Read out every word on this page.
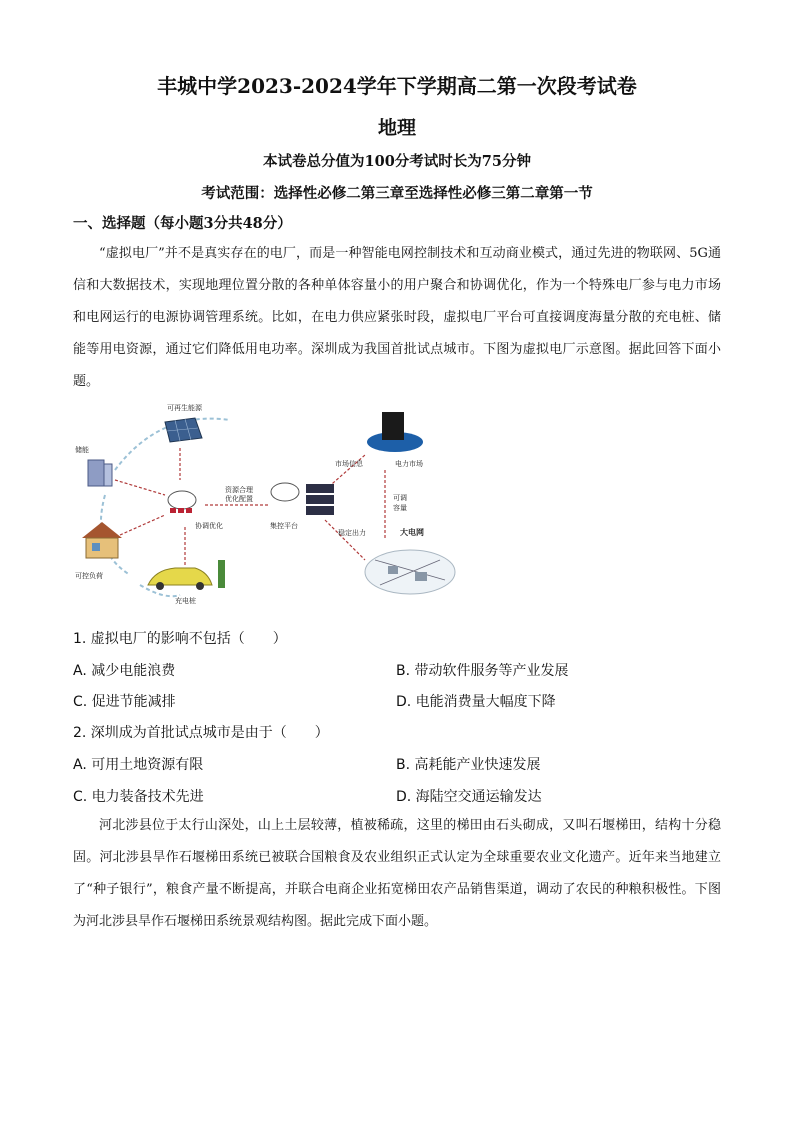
丰城中学2023-2024学年下学期高二第一次段考试卷
地理
本试卷总分值为100分考试时长为75分钟
考试范围：选择性必修二第三章至选择性必修三第二章第一节
一、选择题（每小题3分共48分）

“虚拟电厂”并不是真实存在的电厂，而是一种智能电网控制技术和互动商业模式，通过先进的物联网、5G通信和大数据技术，实现地理位置分散的各种单体容量小的用户聚合和协调优化，作为一个特殊电厂参与电力市场和电网运行的电源协调管理系统。比如，在电力供应紧张时段，虚拟电厂平台可直接调度海量分散的充电桩、储能等用电资源，通过它们降低用电功率。深圳成为我国首批试点城市。下图为虚拟电厂示意图。据此回答下面小题。

可再生能源
储能
可控负荷
充电桩
协调优化
资源合理
优化配置
集控平台
市场信息	电力市场
可调
容量
稳定出力	大电网
1. 虚拟电厂的影响不包括（　　）
A. 减少电能浪费	B. 带动软件服务等产业发展
C. 促进节能减排	D. 电能消费量大幅度下降
2. 深圳成为首批试点城市是由于（　　）
A. 可用土地资源有限	B. 高耗能产业快速发展
C. 电力装备技术先进	D. 海陆空交通运输发达

河北涉县位于太行山深处，山上土层较薄，植被稀疏，这里的梯田由石头砌成，又叫石堰梯田，结构十分稳固。河北涉县旱作石堰梯田系统已被联合国粮食及农业组织正式认定为全球重要农业文化遗产。近年来当地建立了“种子银行”，粮食产量不断提高，并联合电商企业拓宽梯田农产品销售渠道，调动了农民的种粮积极性。下图为河北涉县旱作石堰梯田系统景观结构图。据此完成下面小题。
